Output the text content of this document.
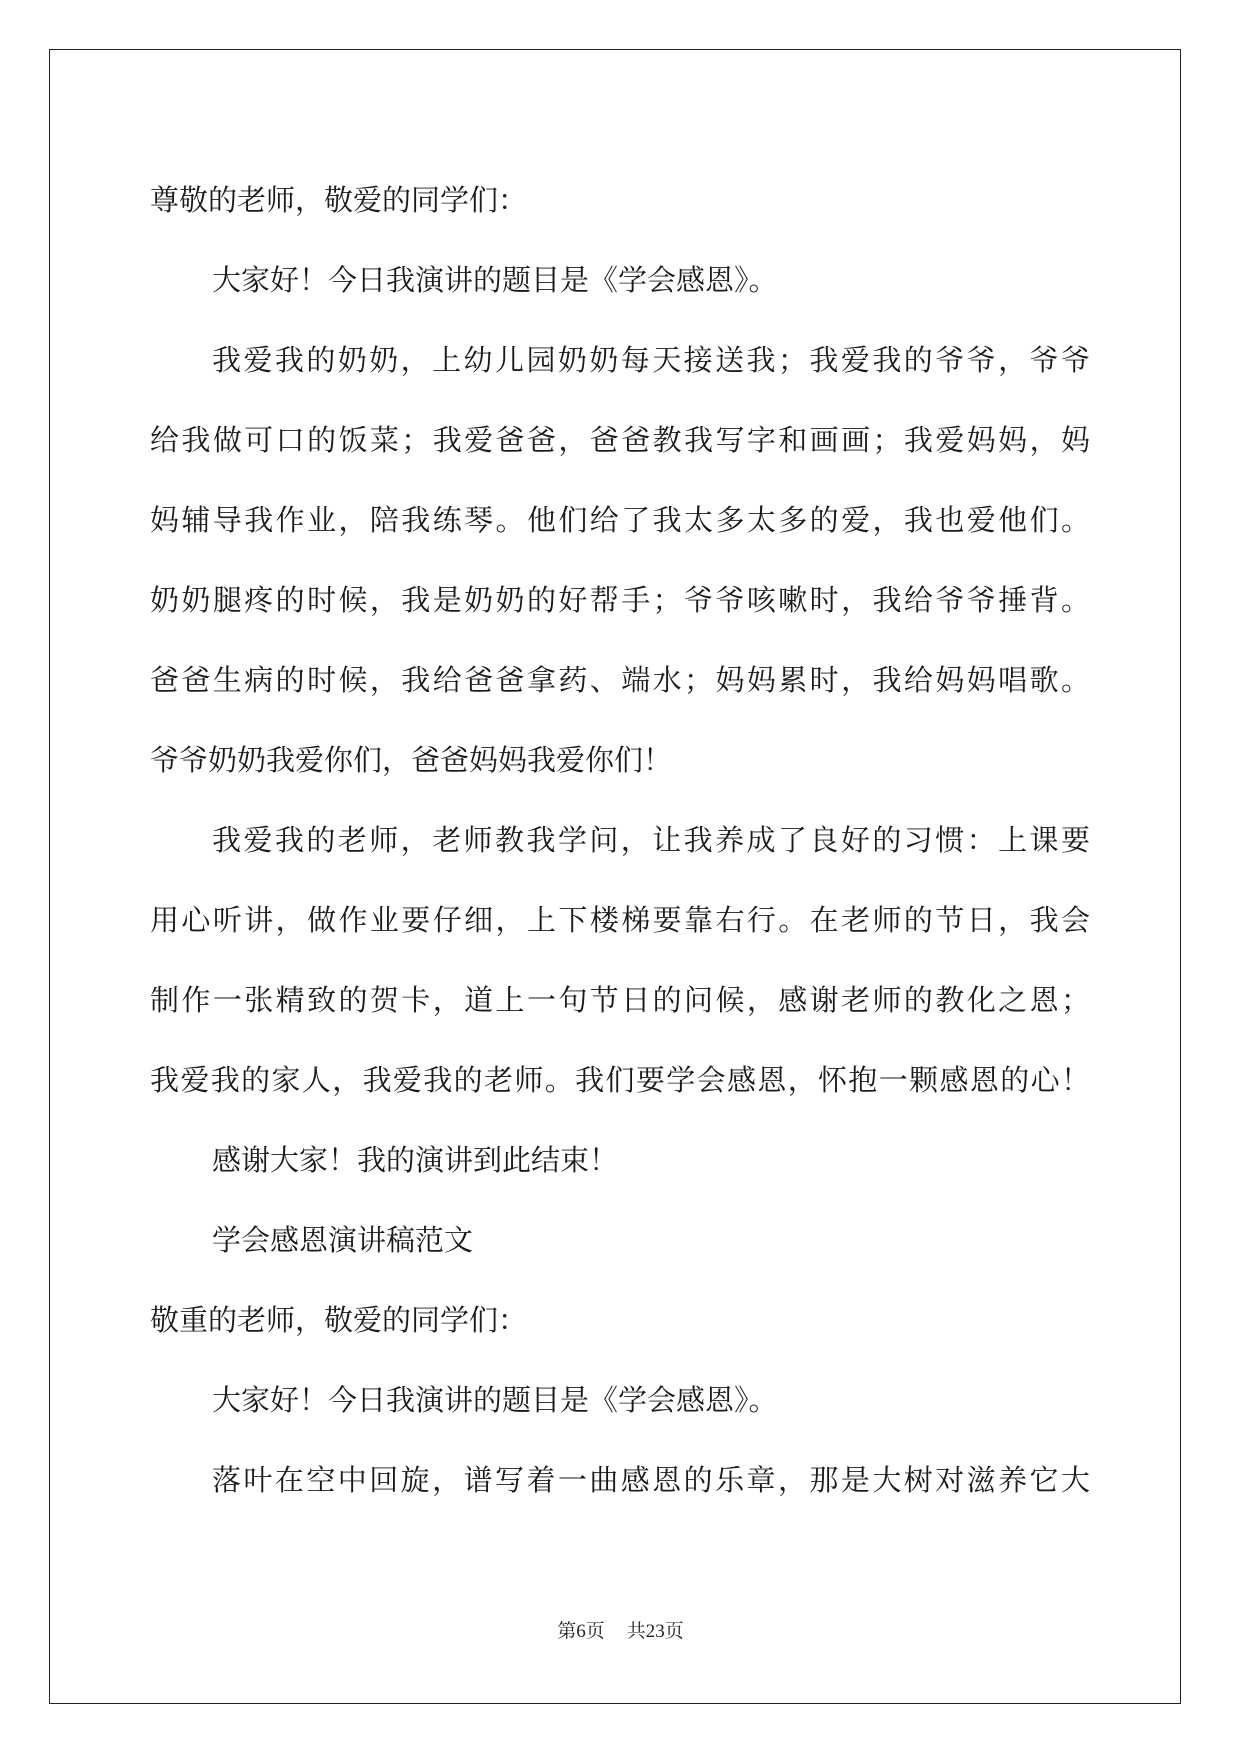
尊敬的老师，敬爱的同学们：
大家好！今日我演讲的题目是《学会感恩》。
我爱我的奶奶，上幼儿园奶奶每天接送我；我爱我的爷爷，爷爷
给我做可口的饭菜；我爱爸爸，爸爸教我写字和画画；我爱妈妈，妈
妈辅导我作业，陪我练琴。他们给了我太多太多的爱，我也爱他们。
奶奶腿疼的时候，我是奶奶的好帮手；爷爷咳嗽时，我给爷爷捶背。
爸爸生病的时候，我给爸爸拿药、端水；妈妈累时，我给妈妈唱歌。
爷爷奶奶我爱你们，爸爸妈妈我爱你们！
我爱我的老师，老师教我学问，让我养成了良好的习惯：上课要
用心听讲，做作业要仔细，上下楼梯要靠右行。在老师的节日，我会
制作一张精致的贺卡，道上一句节日的问候，感谢老师的教化之恩；
我爱我的家人，我爱我的老师。我们要学会感恩，怀抱一颗感恩的心！
感谢大家！我的演讲到此结束！
学会感恩演讲稿范文
敬重的老师，敬爱的同学们：
大家好！今日我演讲的题目是《学会感恩》。
落叶在空中回旋，谱写着一曲感恩的乐章，那是大树对滋养它大
第6页 共23页
